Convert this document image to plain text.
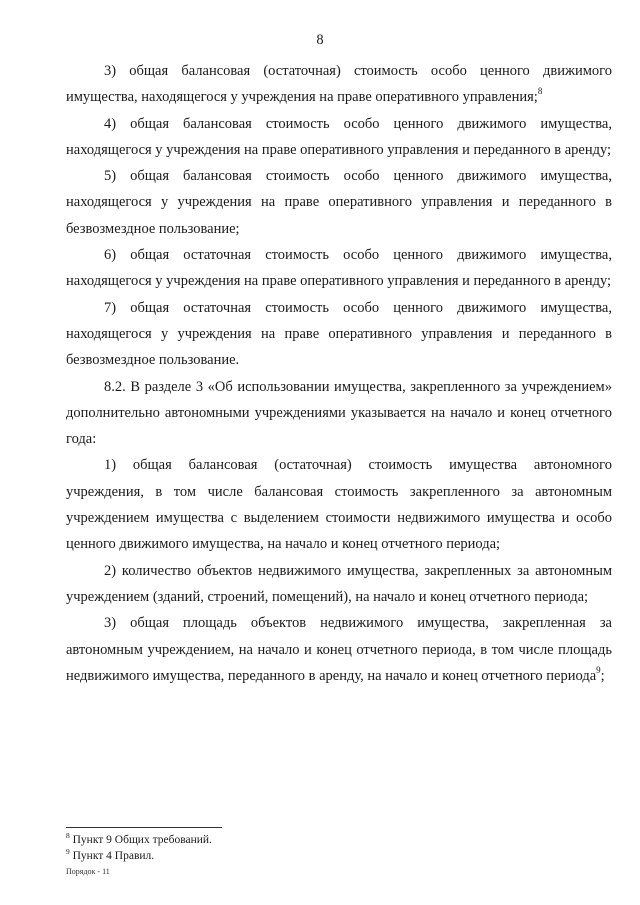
8

3) общая балансовая (остаточная) стоимость особо ценного движимого имущества, находящегося у учреждения на праве оперативного управления;$^8$

4) общая балансовая стоимость особо ценного движимого имущества, находящегося у учреждения на праве оперативного управления и переданного в аренду;

5) общая балансовая стоимость особо ценного движимого имущества, находящегося у учреждения на праве оперативного управления и переданного в безвозмездное пользование;

6) общая остаточная стоимость особо ценного движимого имущества, находящегося у учреждения на праве оперативного управления и переданного в аренду;

7) общая остаточная стоимость особо ценного движимого имущества, находящегося у учреждения на праве оперативного управления и переданного в безвозмездное пользование.

8.2. В разделе 3 «Об использовании имущества, закрепленного за учреждением» дополнительно автономными учреждениями указывается на начало и конец отчетного года:

1) общая балансовая (остаточная) стоимость имущества автономного учреждения, в том числе балансовая стоимость закрепленного за автономным учреждением имущества с выделением стоимости недвижимого имущества и особо ценного движимого имущества, на начало и конец отчетного периода;

2) количество объектов недвижимого имущества, закрепленных за автономным учреждением (зданий, строений, помещений), на начало и конец отчетного периода;

3) общая площадь объектов недвижимого имущества, закрепленная за автономным учреждением, на начало и конец отчетного периода, в том числе площадь недвижимого имущества, переданного в аренду, на начало и конец отчетного периода$^9$;

$^8$ Пункт 9 Общих требований.
$^9$ Пункт 4 Правил.
Порядок - 11
